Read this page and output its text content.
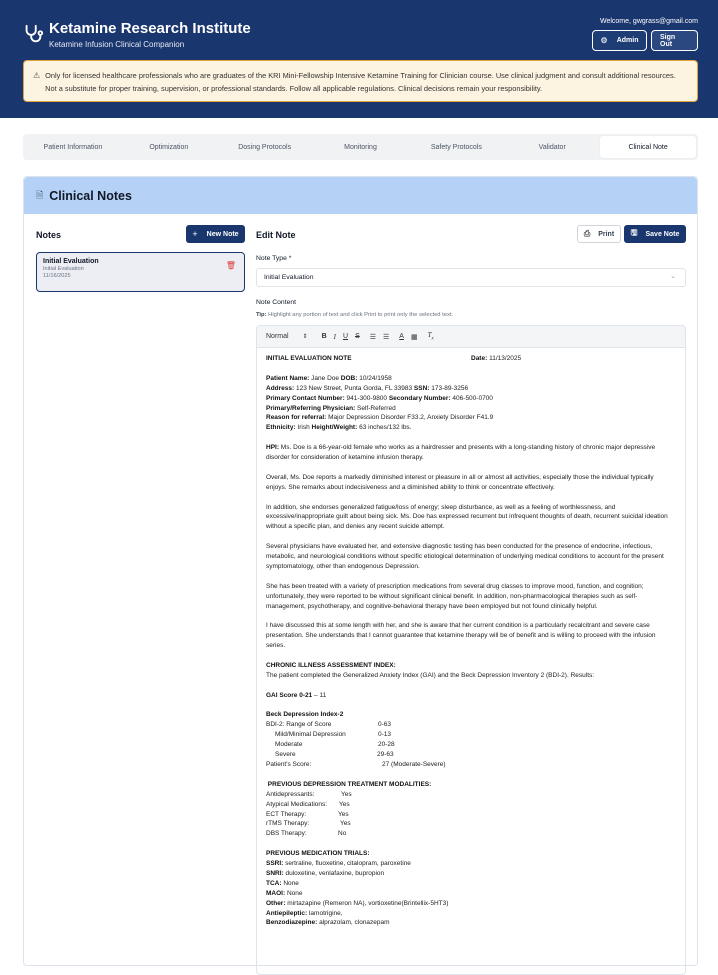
Ketamine Research Institute
Ketamine Infusion Clinical Companion
Welcome, gwgrass@gmail.com
⚙ Admin	Sign Out
⚠ Only for licensed healthcare professionals who are graduates of the KRI Mini-Fellowship Intensive Ketamine Training for Clinician course. Use clinical judgment and consult additional resources. Not a substitute for proper training, supervision, or professional standards. Follow all applicable regulations. Clinical decisions remain your responsibility.
Patient Information	Optimization	Dosing Protocols	Monitoring	Safety Protocols	Validator	Clinical Note
🗎 Clinical Notes
Notes	+ New Note
Initial Evaluation
Initial Evaluation
11/16/2025
🗑
Edit Note	⎙ Print 🖫 Save Note
Note Type *
Initial Evaluation	⌄
Note Content
Tip: Highlight any portion of text and click Print to print only the selected text.
Normal ⇕ B I U S ☰ ☰ A ▦ $T_x$
INITIAL EVALUATION NOTE	Date: 11/13/2025

Patient Name: Jane Doe DOB: 10/24/1958

Address: 123 New Street, Punta Gorda, FL 33983 SSN: 173-89-3256

Primary Contact Number: 941-300-9800 Secondary Number: 406-500-0700

Primary/Referring Physician: Self-Referred

Reason for referral: Major Depression Disorder F33.2, Anxiety Disorder F41.9

Ethnicity: Irish Height/Weight: 63 inches/132 lbs.

HPI: Ms. Doe is a 66-year-old female who works as a hairdresser and presents with a long-standing history of chronic major depressive disorder for consideration of ketamine infusion therapy.

Overall, Ms. Doe reports a markedly diminished interest or pleasure in all or almost all activities, especially those the individual typically enjoys. She remarks about indecisiveness and a diminished ability to think or concentrate effectively.

In addition, she endorses generalized fatigue/loss of energy; sleep disturbance, as well as a feeling of worthlessness, and excessive/inappropriate guilt about being sick. Ms. Doe has expressed recurrent but infrequent thoughts of death, recurrent suicidal ideation without a specific plan, and denies any recent suicide attempt.

Several physicians have evaluated her, and extensive diagnostic testing has been conducted for the presence of endocrine, infectious, metabolic, and neurological conditions without specific etiological determination of underlying medical conditions to account for the present symptomatology, other than endogenous Depression.

She has been treated with a variety of prescription medications from several drug classes to improve mood, function, and cognition; unfortunately, they were reported to be without significant clinical benefit. In addition, non-pharmacological therapies such as self-management, psychotherapy, and cognitive-behavioral therapy have been employed but not found clinically helpful.

I have discussed this at some length with her, and she is aware that her current condition is a particularly recalcitrant and severe case presentation. She understands that I cannot guarantee that ketamine therapy will be of benefit and is willing to proceed with the infusion series.

CHRONIC ILLNESS ASSESSMENT INDEX:

The patient completed the Generalized Anxiety Index (GAI) and the Beck Depression Inventory 2 (BDI-2). Results:

GAI Score 0-21 – 11

Beck Depression Index-2

BDI-2: Range of Score	0-63
Mild/Minimal Depression	0-13
Moderate	20-28
Severe	29-63
Patient's Score:	27 (Moderate-Severe)

PREVIOUS DEPRESSION TREATMENT MODALITIES:

Antidepressants:	Yes
Atypical Medications:	Yes
ECT Therapy:	Yes
rTMS Therapy:	Yes
DBS Therapy:	No

PREVIOUS MEDICATION TRIALS:

SSRI: sertraline, fluoxetine, citalopram, paroxetine

SNRI: duloxetine, venlafaxine, bupropion

TCA: None

MAOI: None

Other: mirtazapine (Remeron NA), vortioxetine(Brintellix-5HT3)

Antiepileptic: lamotrigine,

Benzodiazepine: alprazolam, clonazepam
